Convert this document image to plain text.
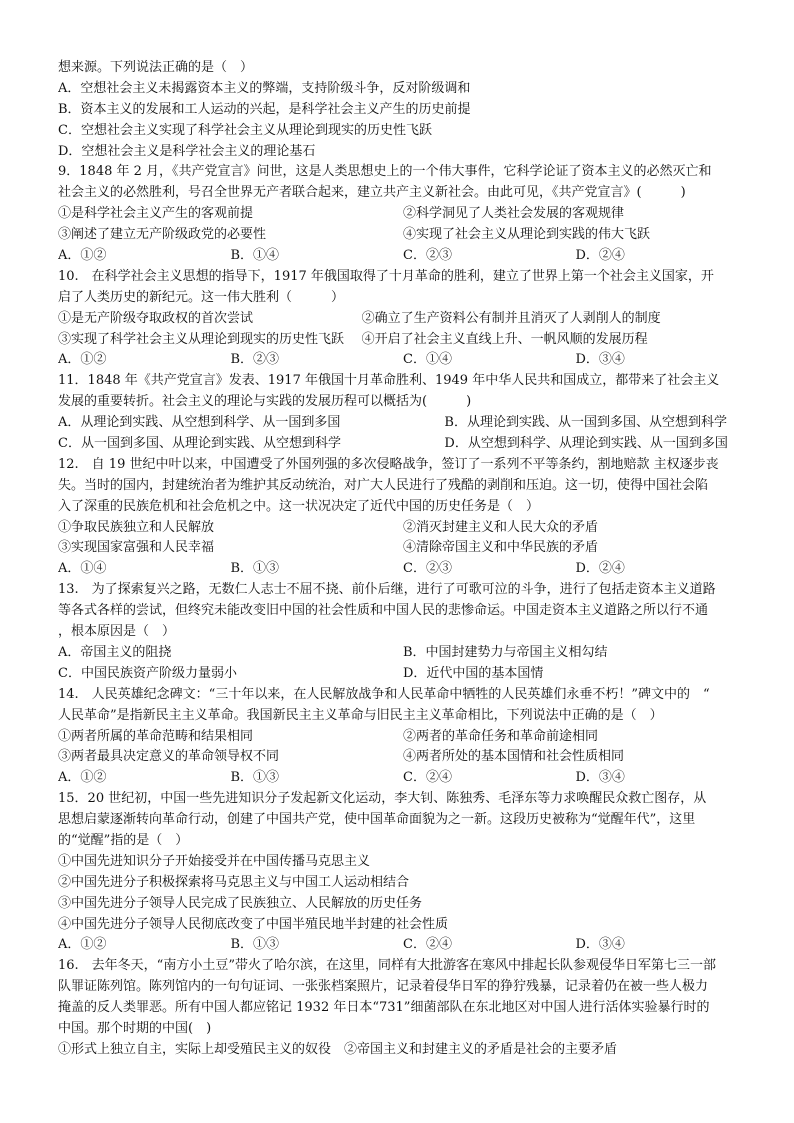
想来源。下列说法正确的是（　）
A．空想社会主义未揭露资本主义的弊端，支持阶级斗争，反对阶级调和
B．资本主义的发展和工人运动的兴起，是科学社会主义产生的历史前提
C．空想社会主义实现了科学社会主义从理论到现实的历史性飞跃
D．空想社会主义是科学社会主义的理论基石
9．1848 年 2 月，《共产党宣言》问世，这是人类思想史上的一个伟大事件，它科学论证了资本主义的必然灭亡和
社会主义的必然胜利，号召全世界无产者联合起来，建立共产主义新社会。由此可见，《共产党宣言》(　　　)
①是科学社会主义产生的客观前提	②科学洞见了人类社会发展的客观规律
③阐述了建立无产阶级政党的必要性	④实现了社会主义从理论到实践的伟大飞跃
A．①②	B．①④	C．②③	D．②④
10.　在科学社会主义思想的指导下，1917 年俄国取得了十月革命的胜利，建立了世界上第一个社会主义国家，开
启了人类历史的新纪元。这一伟大胜利（　　　）
①是无产阶级夺取政权的首次尝试	②确立了生产资料公有制并且消灭了人剥削人的制度
③实现了科学社会主义从理论到现实的历史性飞跃	④开启了社会主义直线上升、一帆风顺的发展历程
A．①②	B．②③	C．①④	D．③④
11．1848 年《共产党宣言》发表、1917 年俄国十月革命胜利、1949 年中华人民共和国成立，都带来了社会主义
发展的重要转折。社会主义的理论与实践的发展历程可以概括为(　　　)
A．从理论到实践、从空想到科学、从一国到多国	B．从理论到实践、从一国到多国、从空想到科学
C．从一国到多国、从理论到实践、从空想到科学	D．从空想到科学、从理论到实践、从一国到多国
12.　自 19 世纪中叶以来，中国遭受了外国列强的多次侵略战争，签订了一系列不平等条约，割地赔款 主权逐步丧
失。当时的国内，封建统治者为维护其反动统治，对广大人民进行了残酷的剥削和压迫。这一切，使得中国社会陷
入了深重的民族危机和社会危机之中。这一状况决定了近代中国的历史任务是（　）
①争取民族独立和人民解放	②消灭封建主义和人民大众的矛盾
③实现国家富强和人民幸福	④清除帝国主义和中华民族的矛盾
A．①④	B．①③	C．②③	D．②④
13.　为了探索复兴之路，无数仁人志士不屈不挠、前仆后继，进行了可歌可泣的斗争，进行了包括走资本主义道路
等各式各样的尝试，但终究未能改变旧中国的社会性质和中国人民的悲惨命运。中国走资本主义道路之所以行不通
，根本原因是（　）
A．帝国主义的阻挠	B．中国封建势力与帝国主义相勾结
C．中国民族资产阶级力量弱小	D．近代中国的基本国情
14.　人民英雄纪念碑文：“三十年以来，在人民解放战争和人民革命中牺牲的人民英雄们永垂不朽！”碑文中的　“
人民革命”是指新民主主义革命。我国新民主主义革命与旧民主主义革命相比，下列说法中正确的是（　）
①两者所属的革命范畴和结果相同	②两者的革命任务和革命前途相同
③两者最具决定意义的革命领导权不同	④两者所处的基本国情和社会性质相同
A．①②	B．①③	C．②④	D．③④
15．20 世纪初，中国一些先进知识分子发起新文化运动，李大钊、陈独秀、毛泽东等力求唤醒民众救亡图存，从
思想启蒙逐渐转向革命行动，创建了中国共产党，使中国革命面貌为之一新。这段历史被称为“觉醒年代”，这里
的“觉醒”指的是（　）
①中国先进知识分子开始接受并在中国传播马克思主义
②中国先进分子积极探索将马克思主义与中国工人运动相结合
③中国先进分子领导人民完成了民族独立、人民解放的历史任务
④中国先进分子领导人民彻底改变了中国半殖民地半封建的社会性质
A．①②	B．①③	C．②④	D．③④
16.　去年冬天，“南方小土豆”带火了哈尔滨，在这里，同样有大批游客在寒风中排起长队参观侵华日军第七三一部
队罪证陈列馆。陈列馆内的一句句证词、一张张档案照片，记录着侵华日军的狰狞残暴，记录着仍在被一些人极力
掩盖的反人类罪恶。所有中国人都应铭记 1932 年日本“731”细菌部队在东北地区对中国人进行活体实验暴行时的
中国。那个时期的中国(　)
①形式上独立自主，实际上却受殖民主义的奴役　②帝国主义和封建主义的矛盾是社会的主要矛盾
